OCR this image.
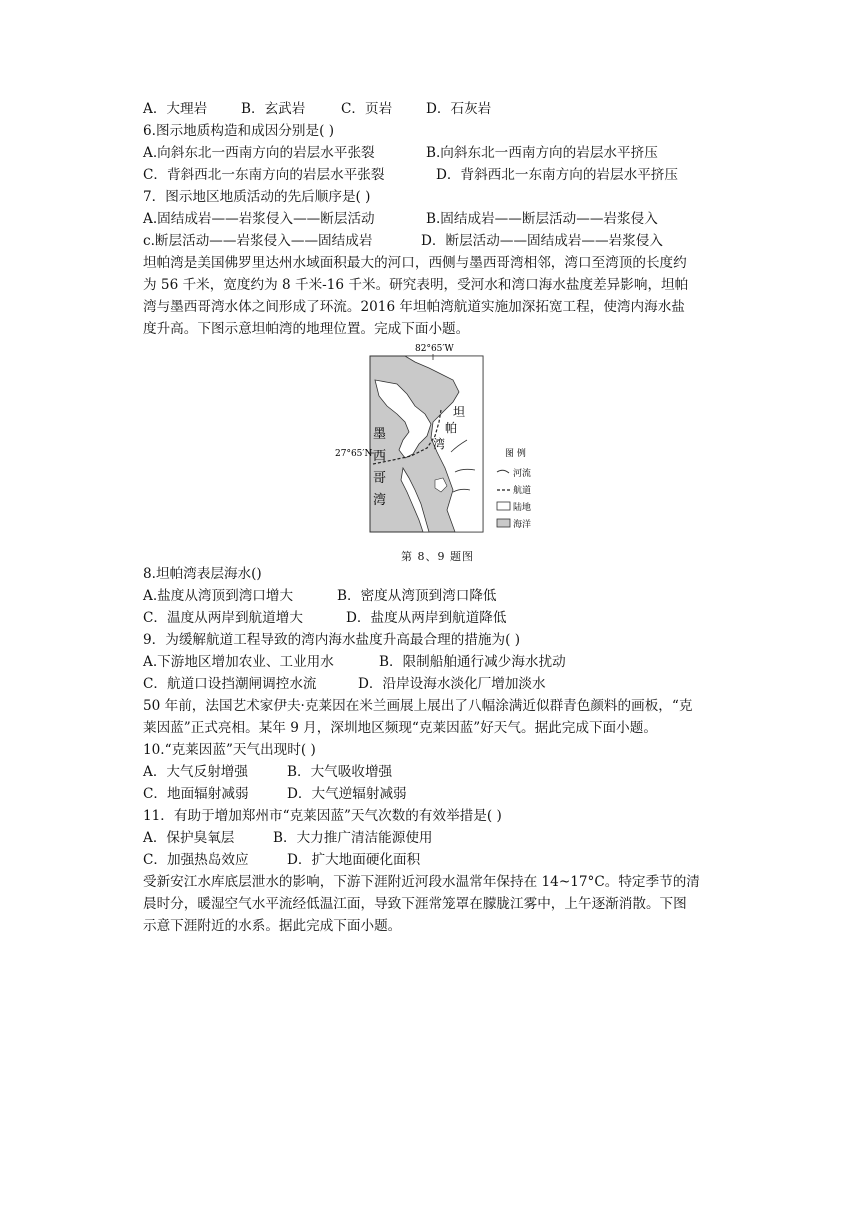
A．大理岩 B．玄武岩	C．页岩 D．石灰岩
6.图示地质构造和成因分别是( )
A.向斜东北一西南方向的岩层水平张裂	B.向斜东北一西南方向的岩层水平挤压
C．背斜西北一东南方向的岩层水平张裂	D．背斜西北一东南方向的岩层水平挤压
7．图示地区地质活动的先后顺序是( )
A.固结成岩——岩浆侵入——断层活动	B.固结成岩——断层活动——岩浆侵入
c.断层活动——岩浆侵入——固结成岩	D．断层活动——固结成岩——岩浆侵入
坦帕湾是美国佛罗里达州水域面积最大的河口，西侧与墨西哥湾相邻，湾口至湾顶的长度约
为 56 千米，宽度约为 8 千米-16 千米。研究表明，受河水和湾口海水盐度差异影响，坦帕
湾与墨西哥湾水体之间形成了环流。2016 年坦帕湾航道实施加深拓宽工程，使湾内海水盐
度升高。下图示意坦帕湾的地理位置。完成下面小题。
82°65′W
27°65′N
墨
西
哥
湾
坦
帕
湾
图 例
河流
航道
陆地
海洋
第 8、9 题图
8.坦帕湾表层海水()
A.盐度从湾顶到湾口增大	B．密度从湾顶到湾口降低
C．温度从两岸到航道增大	D．盐度从两岸到航道降低
9．为缓解航道工程导致的湾内海水盐度升高最合理的措施为( )
A.下游地区增加农业、工业用水	B．限制船舶通行减少海水扰动
C．航道口设挡潮闸调控水流	D．沿岸设海水淡化厂增加淡水
50 年前，法国艺术家伊夫·克莱因在米兰画展上展出了八幅涂满近似群青色颜料的画板，“克
莱因蓝”正式亮相。某年 9 月，深圳地区频现“克莱因蓝”好天气。据此完成下面小题。
10.“克莱因蓝”天气出现时( )
A．大气反射增强	B．大气吸收增强
C．地面辐射减弱	D．大气逆辐射减弱
11．有助于增加郑州市“克莱因蓝”天气次数的有效举措是( )
A．保护臭氧层	B．大力推广清洁能源使用
C．加强热岛效应	D．扩大地面硬化面积
受新安江水库底层泄水的影响，下游下涯附近河段水温常年保持在 14~17°C。特定季节的清
晨时分，暖湿空气水平流经低温江面，导致下涯常笼罩在朦胧江雾中，上午逐渐消散。下图
示意下涯附近的水系。据此完成下面小题。
